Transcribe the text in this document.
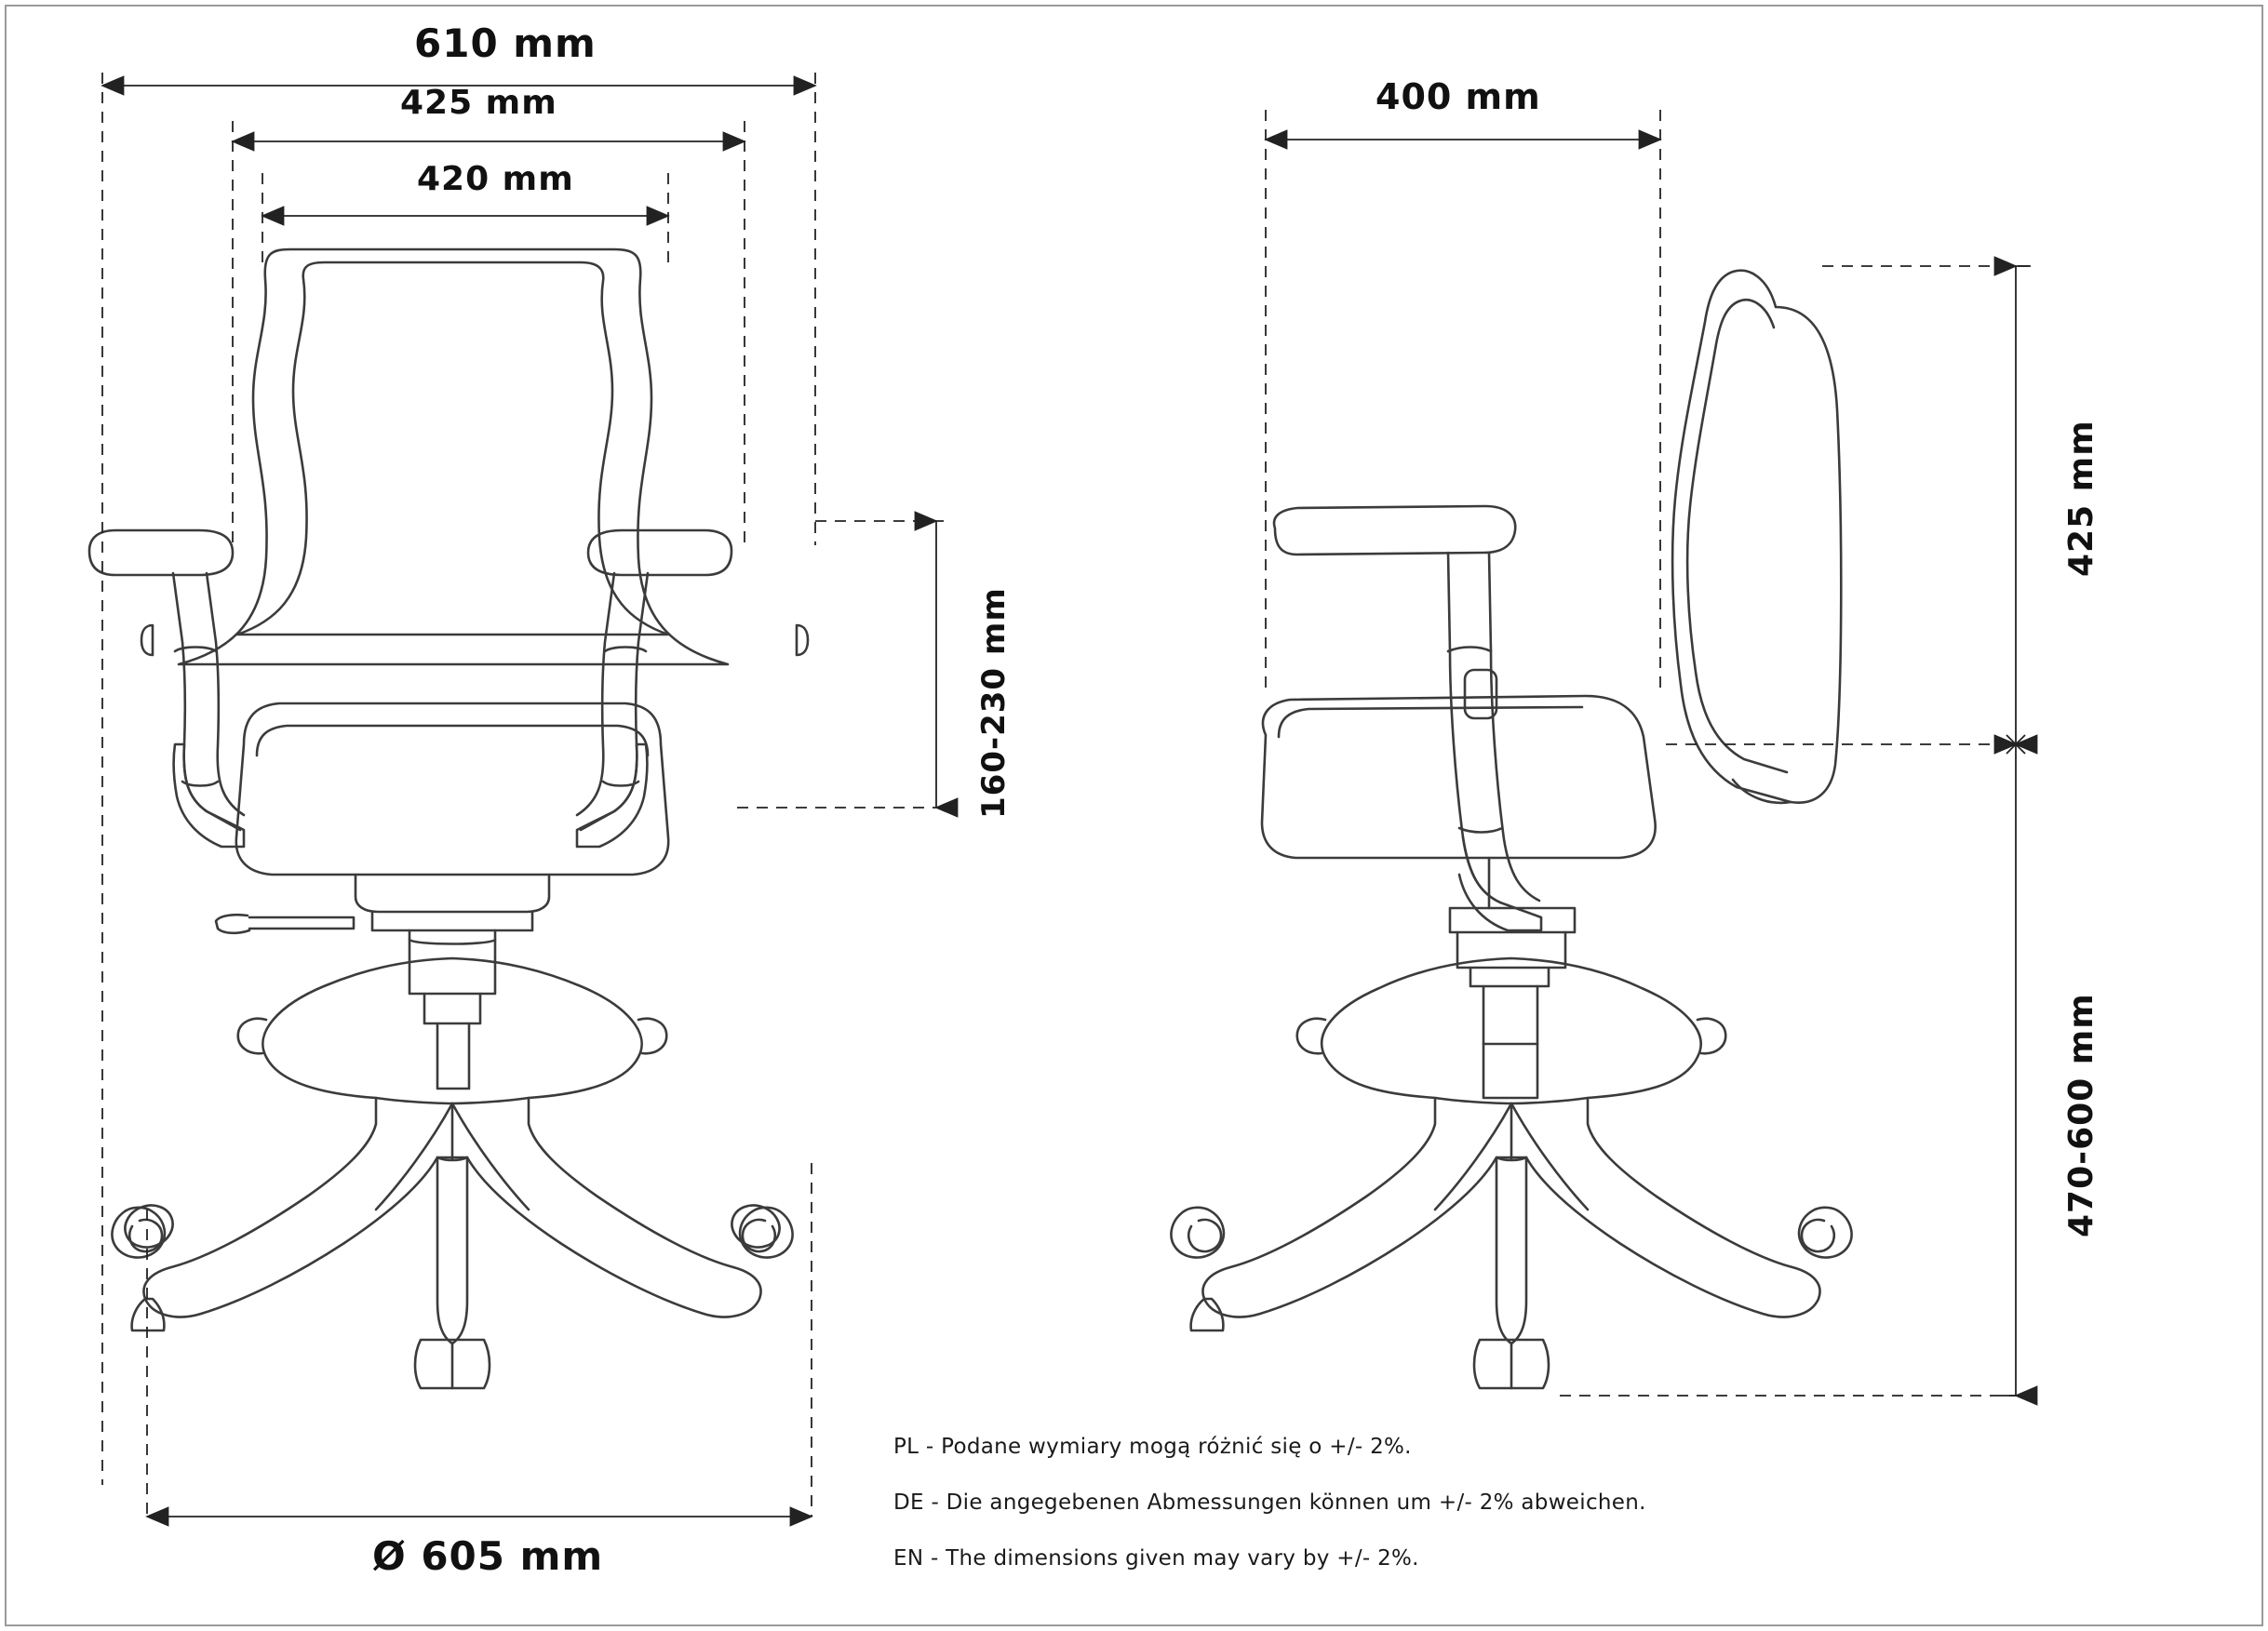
610 mm
425 mm
420 mm
160-230 mm
Ø 605 mm
400 mm
425 mm
470-600 mm
PL - Podane wymiary mogą różnić się o +/- 2%.
DE - Die angegebenen Abmessungen können um +/- 2% abweichen.
EN - The dimensions given may vary by +/- 2%.
